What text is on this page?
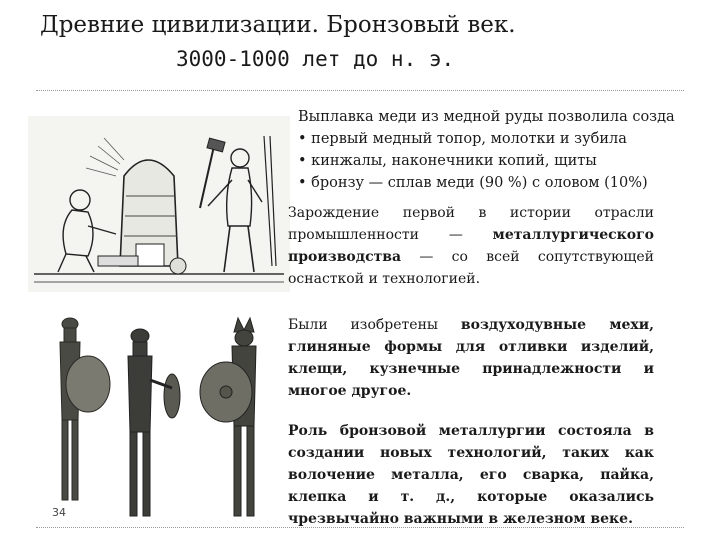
Древние цивилизации. Бронзовый век.
3000-1000 лет до н. э.
Выплавка меди из медной руды позволила созда
• первый медный топор, молотки и зубила
• кинжалы, наконечники копий, щиты
• бронзу — сплав меди (90 %) с оловом (10%)
Зарождение первой в истории отрасли промышленности — металлургического производства — со всей сопутствующей оснасткой и технологией.
Были изобретены воздуходувные мехи, глиняные формы для отливки изделий, клещи, кузнечные принадлежности и многое другое.
Роль бронзовой металлургии состояла в создании новых технологий, таких как волочение металла, его сварка, пайка, клепка и т. д., которые оказались чрезвычайно важными в железном веке.
34
